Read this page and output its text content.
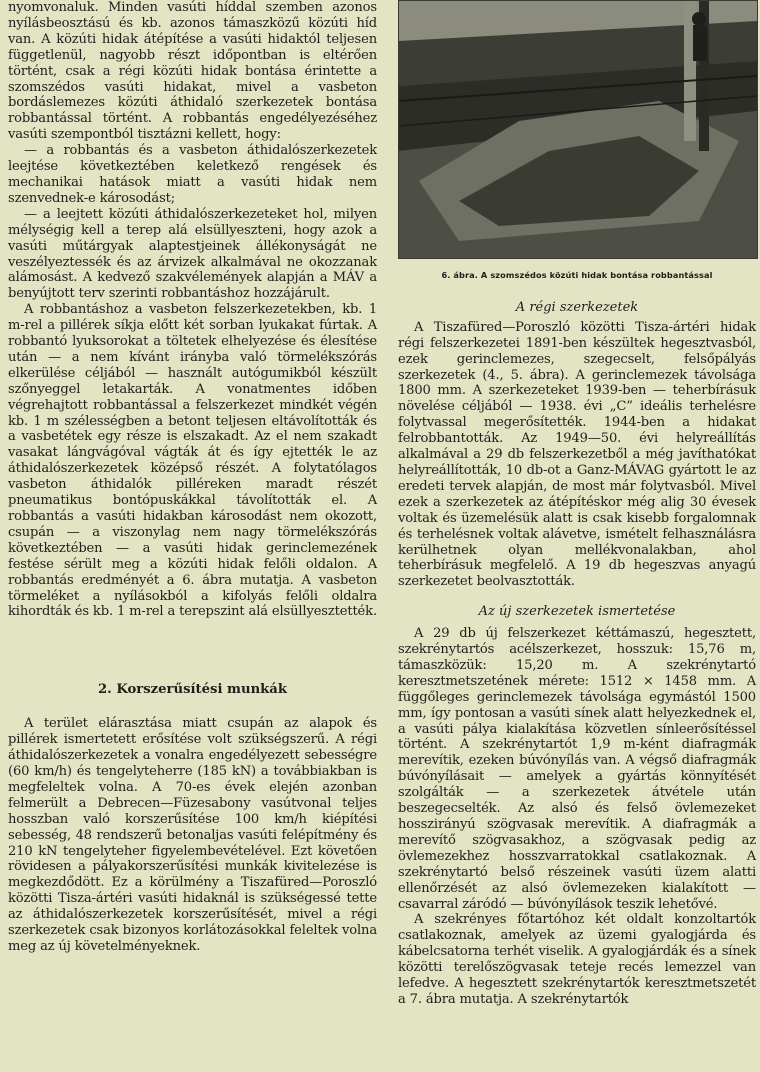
nyomvonaluk. Minden vasúti híddal szemben azonos nyílásbeosztású és kb. azonos támaszközű közúti híd van. A közúti hidak átépítése a vasúti hidaktól teljesen függetlenül, nagyobb részt időpontban is eltérően történt, csak a régi közúti hidak bontása érintette a szomszédos vasúti hidakat, mivel a vasbeton bordáslemezes közúti áthidaló szerkezetek bontása robbantással történt. A robbantás engedélyezéséhez vasúti szempontból tisztázni kellett, hogy:

— a robbantás és a vasbeton áthidalószerkezetek leejtése következtében keletkező rengések és mechanikai hatások miatt a vasúti hidak nem szenvednek-e károsodást;

— a leejtett közúti áthidalószerkezeteket hol, milyen mélységig kell a terep alá elsüllyeszteni, hogy azok a vasúti műtárgyak alaptestjeinek állékonyságát ne veszélyeztessék és az árvizek alkalmával ne okozzanak alámosást. A kedvező szakvélemények alapján a MÁV a benyújtott terv szerinti robbantáshoz hozzájárult.

A robbantáshoz a vasbeton felszerkezetekben, kb. 1 m-rel a pillérek síkja előtt két sorban lyukakat fúrtak. A robbantó lyuksorokat a töltetek elhelyezése és élesítése után — a nem kívánt irányba való törmelékszórás elkerülése céljából — használt autógumikból készült szőnyeggel letakarták. A vonatmentes időben végrehajtott robbantással a felszerkezet mindkét végén kb. 1 m szélességben a betont teljesen eltávolították és a vasbetétek egy része is elszakadt. Az el nem szakadt vasakat lángvágóval vágták át és így ejtették le az áthidalószerkezetek középső részét. A folytatólagos vasbeton áthidalók pilléreken maradt részét pneumatikus bontópuskákkal távolították el. A robbantás a vasúti hidakban károsodást nem okozott, csupán — a viszonylag nem nagy törmelékszórás következtében — a vasúti hidak gerinclemezének festése sérült meg a közúti hidak felőli oldalon. A robbantás eredményét a 6. ábra mutatja. A vasbeton törmeléket a nyílásokból a kifolyás felőli oldalra kihordták és kb. 1 m-rel a terepszint alá elsüllyesztették.

2. Korszerűsítési munkák

A terület elárasztása miatt csupán az alapok és pillérek ismertetett erősítése volt szükségszerű. A régi áthidalószerkezetek a vonalra engedélyezett sebességre (60 km/h) és tengelyteherre (185 kN) a továbbiakban is megfeleltek volna. A 70-es évek elején azonban felmerült a Debrecen—Füzesabony vasútvonal teljes hosszban való korszerűsítése 100 km/h kiépítési sebesség, 48 rendszerű betonaljas vasúti felépítmény és 210 kN tengelyteher figyelembevételével. Ezt követően rövidesen a pályakorszerűsítési munkák kivitelezése is megkezdődött. Ez a körülmény a Tiszafüred—Poroszló közötti Tisza-ártéri vasúti hidaknál is szükségessé tette az áthidalószerkezetek korszerűsítését, mivel a régi szerkezetek csak bizonyos korlátozásokkal feleltek volna meg az új követelményeknek.

6. ábra. A szomszédos közúti hidak bontása robbantással
A régi szerkezetek

A Tiszafüred—Poroszló közötti Tisza-ártéri hidak régi felszerkezetei 1891-ben készültek hegesztvasból, ezek gerinclemezes, szegecselt, felsőpályás szerkezetek (4., 5. ábra). A gerinclemezek távolsága 1800 mm. A szerkezeteket 1939-ben — teherbírásuk növelése céljából — 1938. évi „C” ideális terhelésre folytvassal megerősítették. 1944-ben a hidakat felrobbantották. Az 1949—50. évi helyreállítás alkalmával a 29 db felszerkezetből a még javíthatókat helyreállították, 10 db-ot a Ganz-MÁVAG gyártott le az eredeti tervek alapján, de most már folytvasból. Mivel ezek a szerkezetek az átépítéskor még alig 30 évesek voltak és üzemelésük alatt is csak kisebb forgalomnak és terhelésnek voltak alávetve, ismételt felhasználásra kerülhetnek olyan mellékvonalakban, ahol teherbírásuk megfelelő. A 19 db hegeszvas anyagú szerkezetet beolvasztották.

Az új szerkezetek ismertetése

A 29 db új felszerkezet kéttámaszú, hegesztett, szekrénytartós acélszerkezet, hosszuk: 15,76 m, támaszközük: 15,20 m. A szekrénytartó keresztmetszetének mérete: 1512 × 1458 mm. A függőleges gerinclemezek távolsága egymástól 1500 mm, így pontosan a vasúti sínek alatt helyezkednek el, a vasúti pálya kialakítása közvetlen sínleerősítéssel történt. A szekrénytartót 1,9 m-ként diafragmák merevítik, ezeken búvónyílás van. A végső diafragmák búvónyílásait — amelyek a gyártás könnyítését szolgálták — a szerkezetek átvétele után beszegecselték. Az alsó és felső övlemezeket hosszirányú szögvasak merevítik. A diafragmák a merevítő szögvasakhoz, a szögvasak pedig az övlemezekhez hosszvarratokkal csatlakoznak. A szekrénytartó belső részeinek vasúti üzem alatti ellenőrzését az alsó övlemezeken kialakított — csavarral záródó — búvónyílások teszik lehetővé.

A szekrényes főtartóhoz két oldalt konzoltartók csatlakoznak, amelyek az üzemi gyalogjárda és kábelcsatorna terhét viselik. A gyalogjárdák és a sínek közötti terelőszögvasak teteje recés lemezzel van lefedve. A hegesztett szekrénytartók keresztmetszetét a 7. ábra mutatja. A szekrénytartók
